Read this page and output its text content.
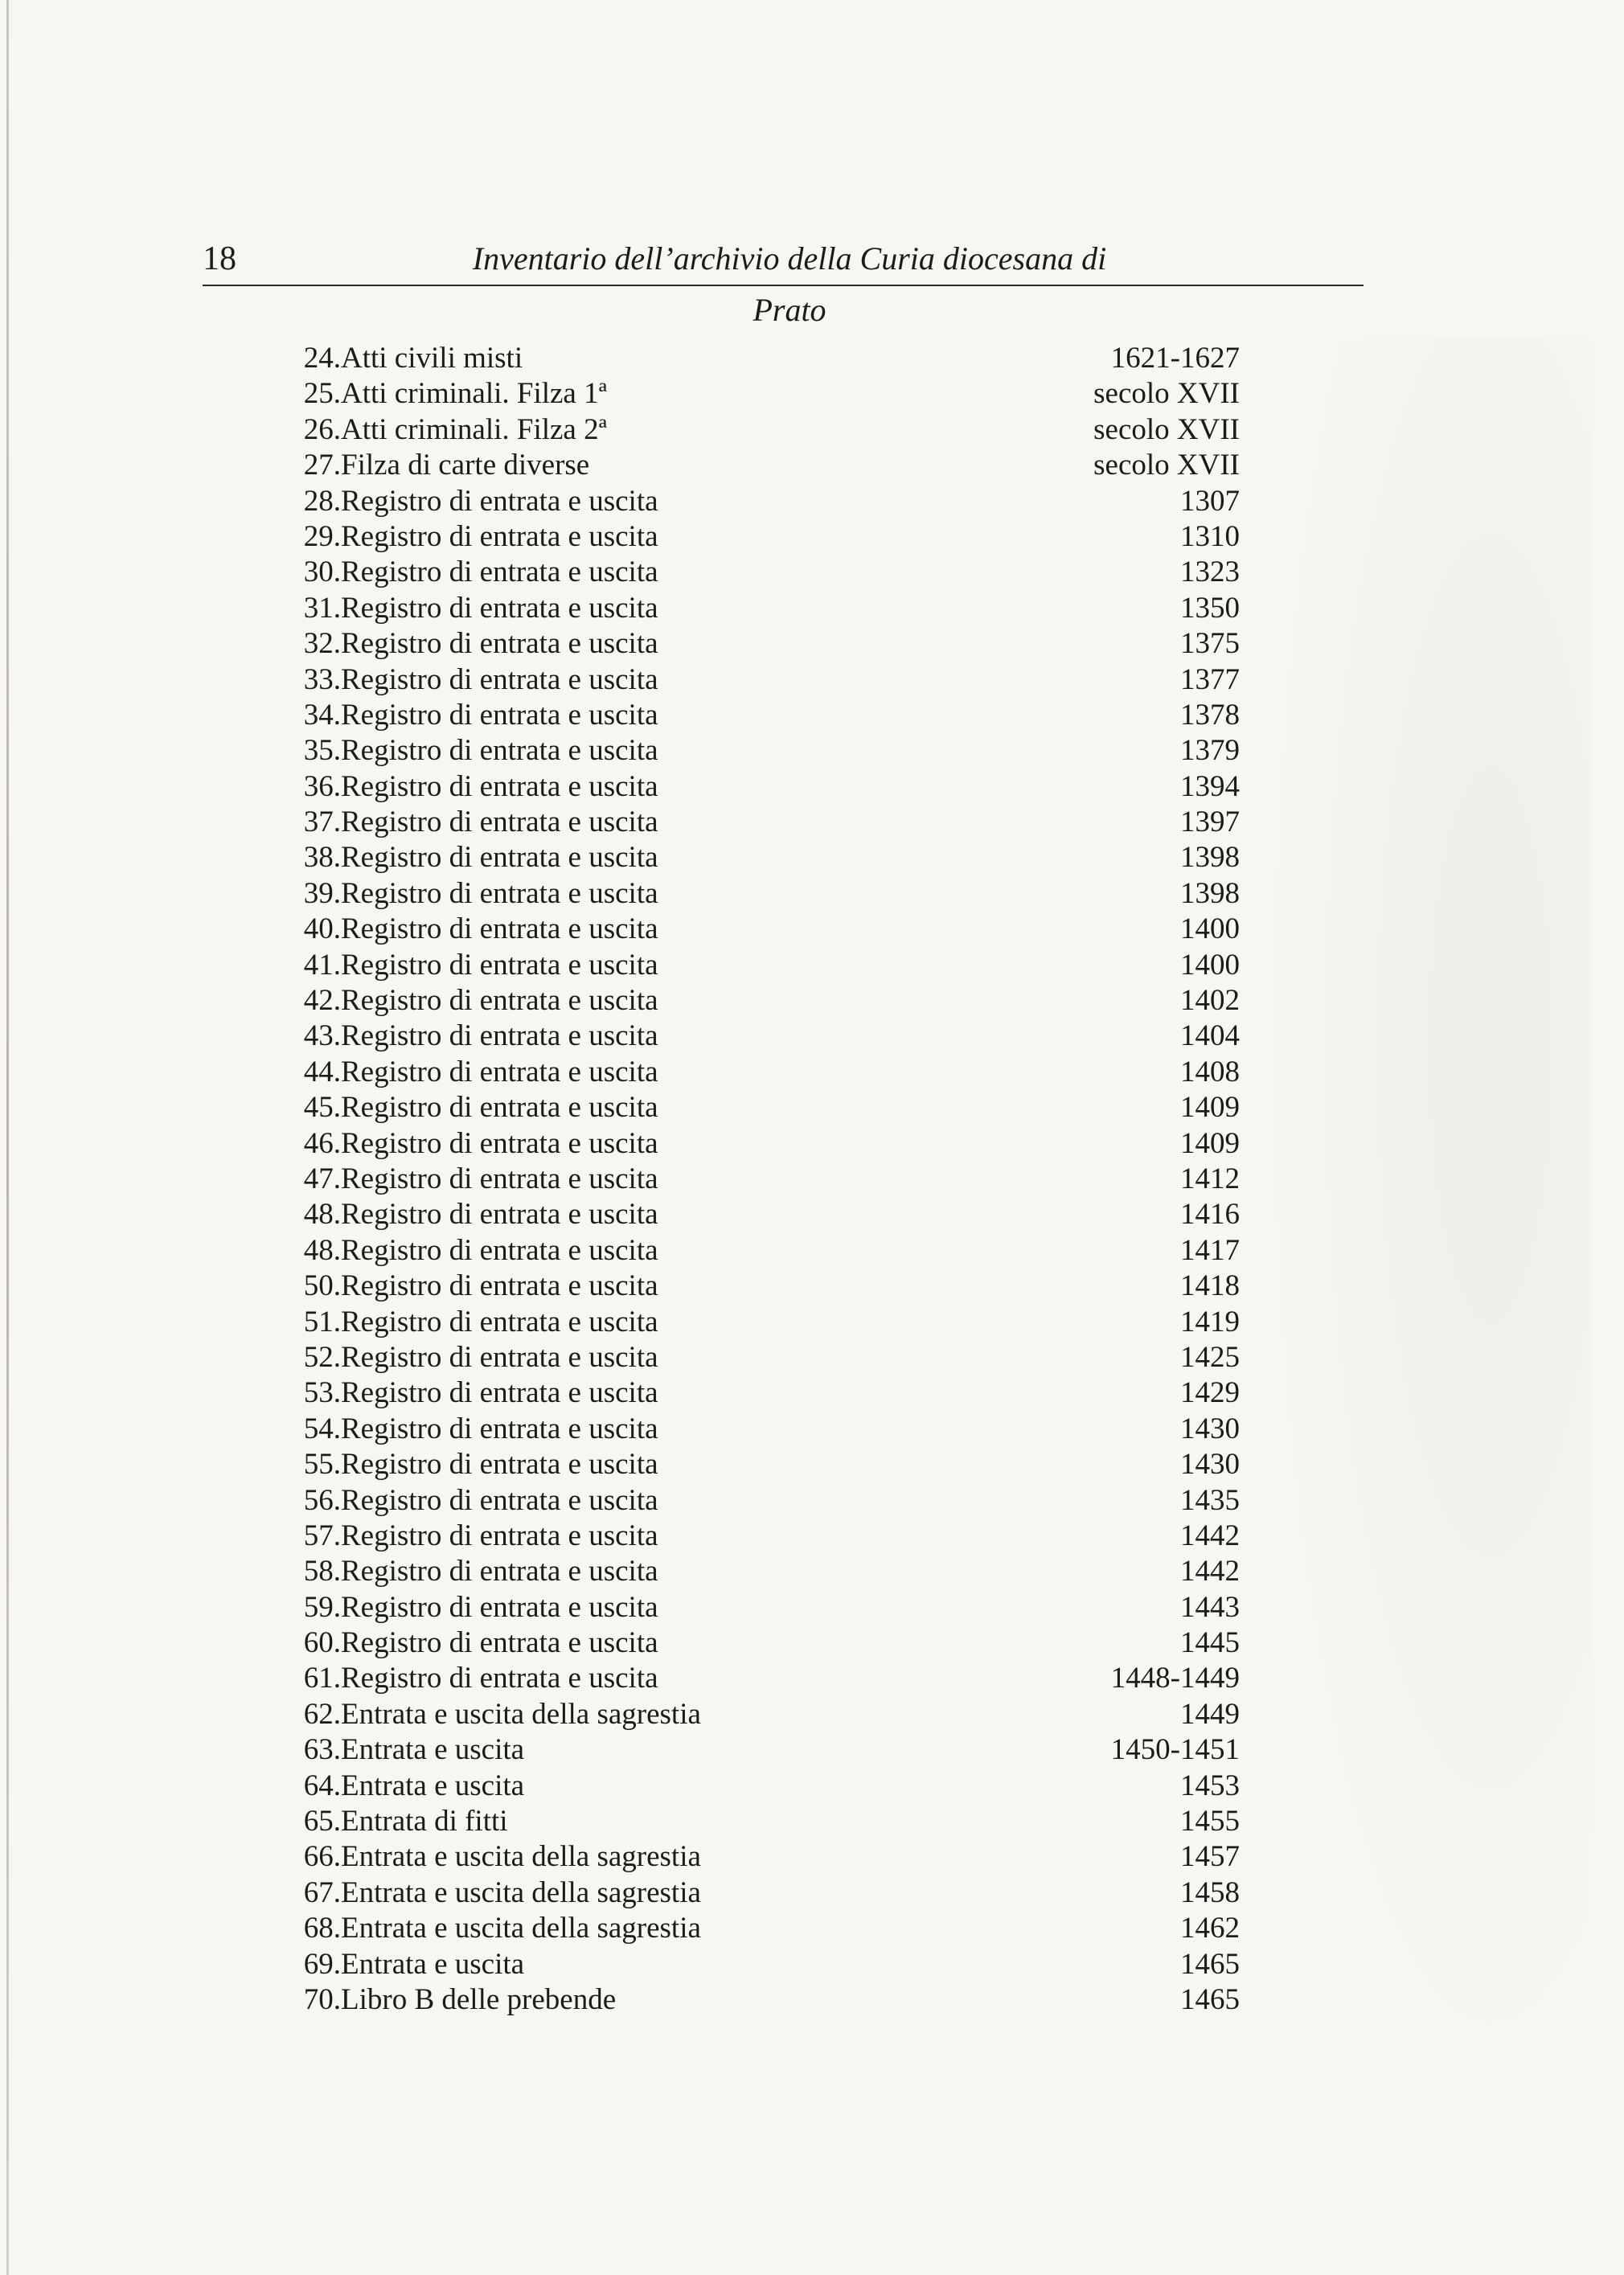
18	Inventario dell’archivio della Curia diocesana di Prato
24. Atti civili misti	1621-1627
25. Atti criminali. Filza 1ª	secolo XVII
26. Atti criminali. Filza 2ª	secolo XVII
27. Filza di carte diverse	secolo XVII
28. Registro di entrata e uscita	1307
29. Registro di entrata e uscita	1310
30. Registro di entrata e uscita	1323
31. Registro di entrata e uscita	1350
32. Registro di entrata e uscita	1375
33. Registro di entrata e uscita	1377
34. Registro di entrata e uscita	1378
35. Registro di entrata e uscita	1379
36. Registro di entrata e uscita	1394
37. Registro di entrata e uscita	1397
38. Registro di entrata e uscita	1398
39. Registro di entrata e uscita	1398
40. Registro di entrata e uscita	1400
41. Registro di entrata e uscita	1400
42. Registro di entrata e uscita	1402
43. Registro di entrata e uscita	1404
44. Registro di entrata e uscita	1408
45. Registro di entrata e uscita	1409
46. Registro di entrata e uscita	1409
47. Registro di entrata e uscita	1412
48. Registro di entrata e uscita	1416
48. Registro di entrata e uscita	1417
50. Registro di entrata e uscita	1418
51. Registro di entrata e uscita	1419
52. Registro di entrata e uscita	1425
53. Registro di entrata e uscita	1429
54. Registro di entrata e uscita	1430
55. Registro di entrata e uscita	1430
56. Registro di entrata e uscita	1435
57. Registro di entrata e uscita	1442
58. Registro di entrata e uscita	1442
59. Registro di entrata e uscita	1443
60. Registro di entrata e uscita	1445
61. Registro di entrata e uscita	1448-1449
62. Entrata e uscita della sagrestia	1449
63. Entrata e uscita	1450-1451
64. Entrata e uscita	1453
65. Entrata di fitti	1455
66. Entrata e uscita della sagrestia	1457
67. Entrata e uscita della sagrestia	1458
68. Entrata e uscita della sagrestia	1462
69. Entrata e uscita	1465
70. Libro B delle prebende	1465
